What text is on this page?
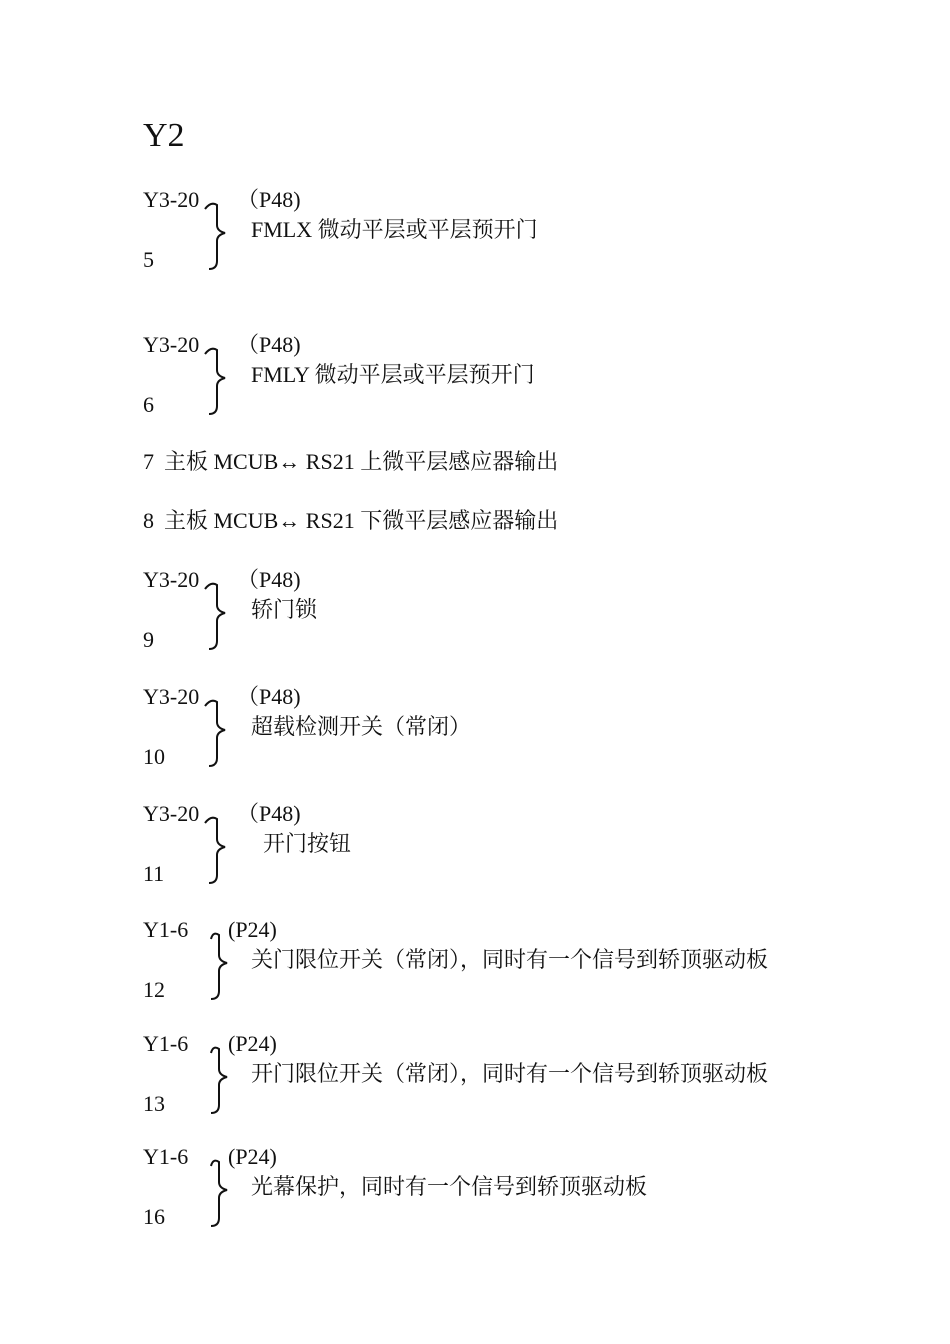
Y2
Y3-20
5
（P48)
FMLX 微动平层或平层预开门
Y3-20
6
（P48)
FMLY 微动平层或平层预开门

7 主板 MCUB↔ RS21 上微平层感应器输出

8 主板 MCUB↔ RS21 下微平层感应器输出

Y3-20
9
（P48)
轿门锁
Y3-20
10
（P48)
超载检测开关（常闭）
Y3-20
11
（P48)
开门按钮
Y1-6
12
(P24)
关门限位开关（常闭），同时有一个信号到轿顶驱动板
Y1-6
13
(P24)
开门限位开关（常闭），同时有一个信号到轿顶驱动板
Y1-6
16
(P24)
光幕保护，同时有一个信号到轿顶驱动板
